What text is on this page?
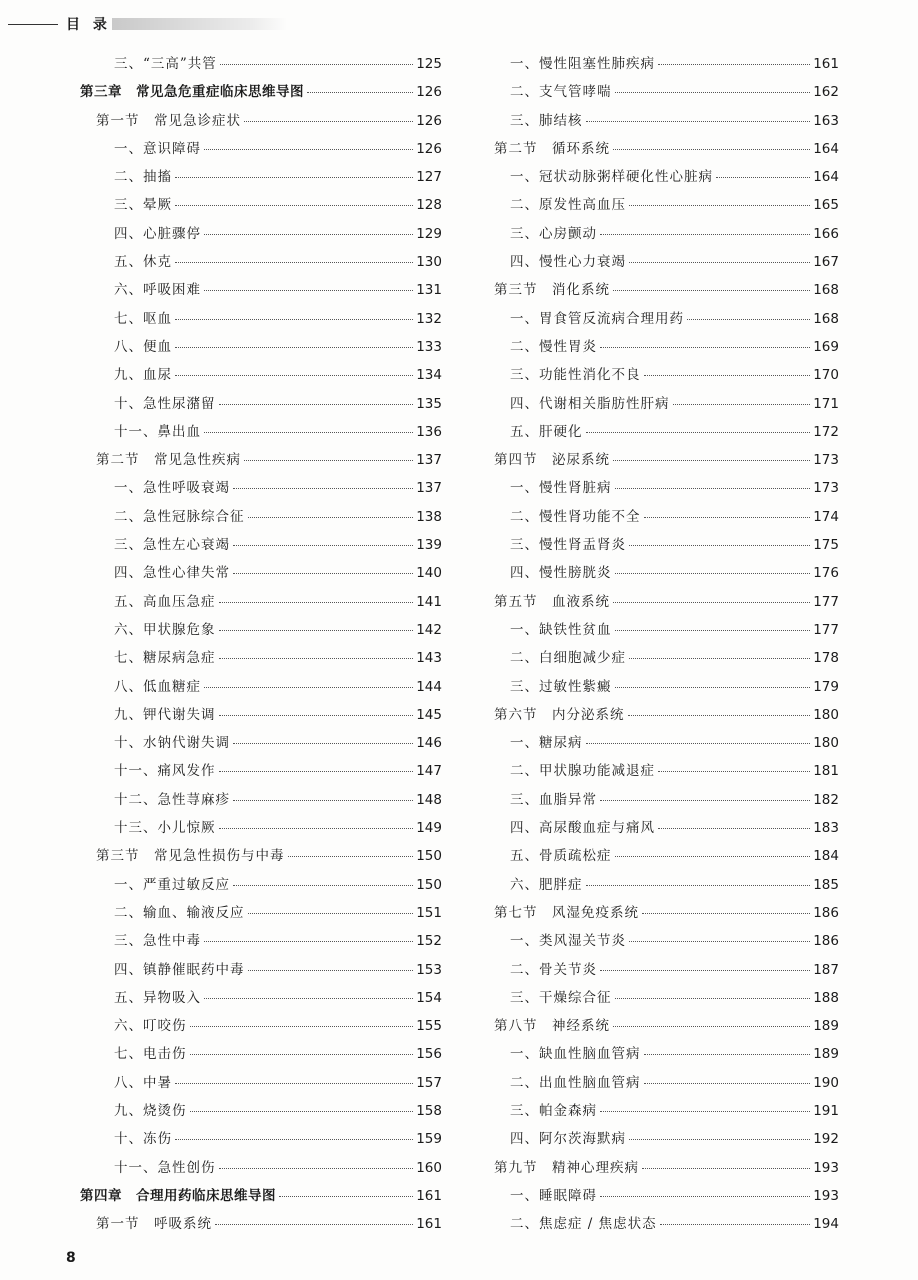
目 录
三、“三高”共管	125
第三章　常见急危重症临床思维导图	126
第一节　常见急诊症状	126
一、意识障碍	126
二、抽搐	127
三、晕厥	128
四、心脏骤停	129
五、休克	130
六、呼吸困难	131
七、呕血	132
八、便血	133
九、血尿	134
十、急性尿潴留	135
十一、鼻出血	136
第二节　常见急性疾病	137
一、急性呼吸衰竭	137
二、急性冠脉综合征	138
三、急性左心衰竭	139
四、急性心律失常	140
五、高血压急症	141
六、甲状腺危象	142
七、糖尿病急症	143
八、低血糖症	144
九、钾代谢失调	145
十、水钠代谢失调	146
十一、痛风发作	147
十二、急性荨麻疹	148
十三、小儿惊厥	149
第三节　常见急性损伤与中毒	150
一、严重过敏反应	150
二、输血、输液反应	151
三、急性中毒	152
四、镇静催眠药中毒	153
五、异物吸入	154
六、叮咬伤	155
七、电击伤	156
八、中暑	157
九、烧烫伤	158
十、冻伤	159
十一、急性创伤	160
第四章　合理用药临床思维导图	161
第一节　呼吸系统	161
一、慢性阻塞性肺疾病	161
二、支气管哮喘	162
三、肺结核	163
第二节　循环系统	164
一、冠状动脉粥样硬化性心脏病	164
二、原发性高血压	165
三、心房颤动	166
四、慢性心力衰竭	167
第三节　消化系统	168
一、胃食管反流病合理用药	168
二、慢性胃炎	169
三、功能性消化不良	170
四、代谢相关脂肪性肝病	171
五、肝硬化	172
第四节　泌尿系统	173
一、慢性肾脏病	173
二、慢性肾功能不全	174
三、慢性肾盂肾炎	175
四、慢性膀胱炎	176
第五节　血液系统	177
一、缺铁性贫血	177
二、白细胞减少症	178
三、过敏性紫癜	179
第六节　内分泌系统	180
一、糖尿病	180
二、甲状腺功能减退症	181
三、血脂异常	182
四、高尿酸血症与痛风	183
五、骨质疏松症	184
六、肥胖症	185
第七节　风湿免疫系统	186
一、类风湿关节炎	186
二、骨关节炎	187
三、干燥综合征	188
第八节　神经系统	189
一、缺血性脑血管病	189
二、出血性脑血管病	190
三、帕金森病	191
四、阿尔茨海默病	192
第九节　精神心理疾病	193
一、睡眠障碍	193
二、焦虑症 / 焦虑状态	194
8
